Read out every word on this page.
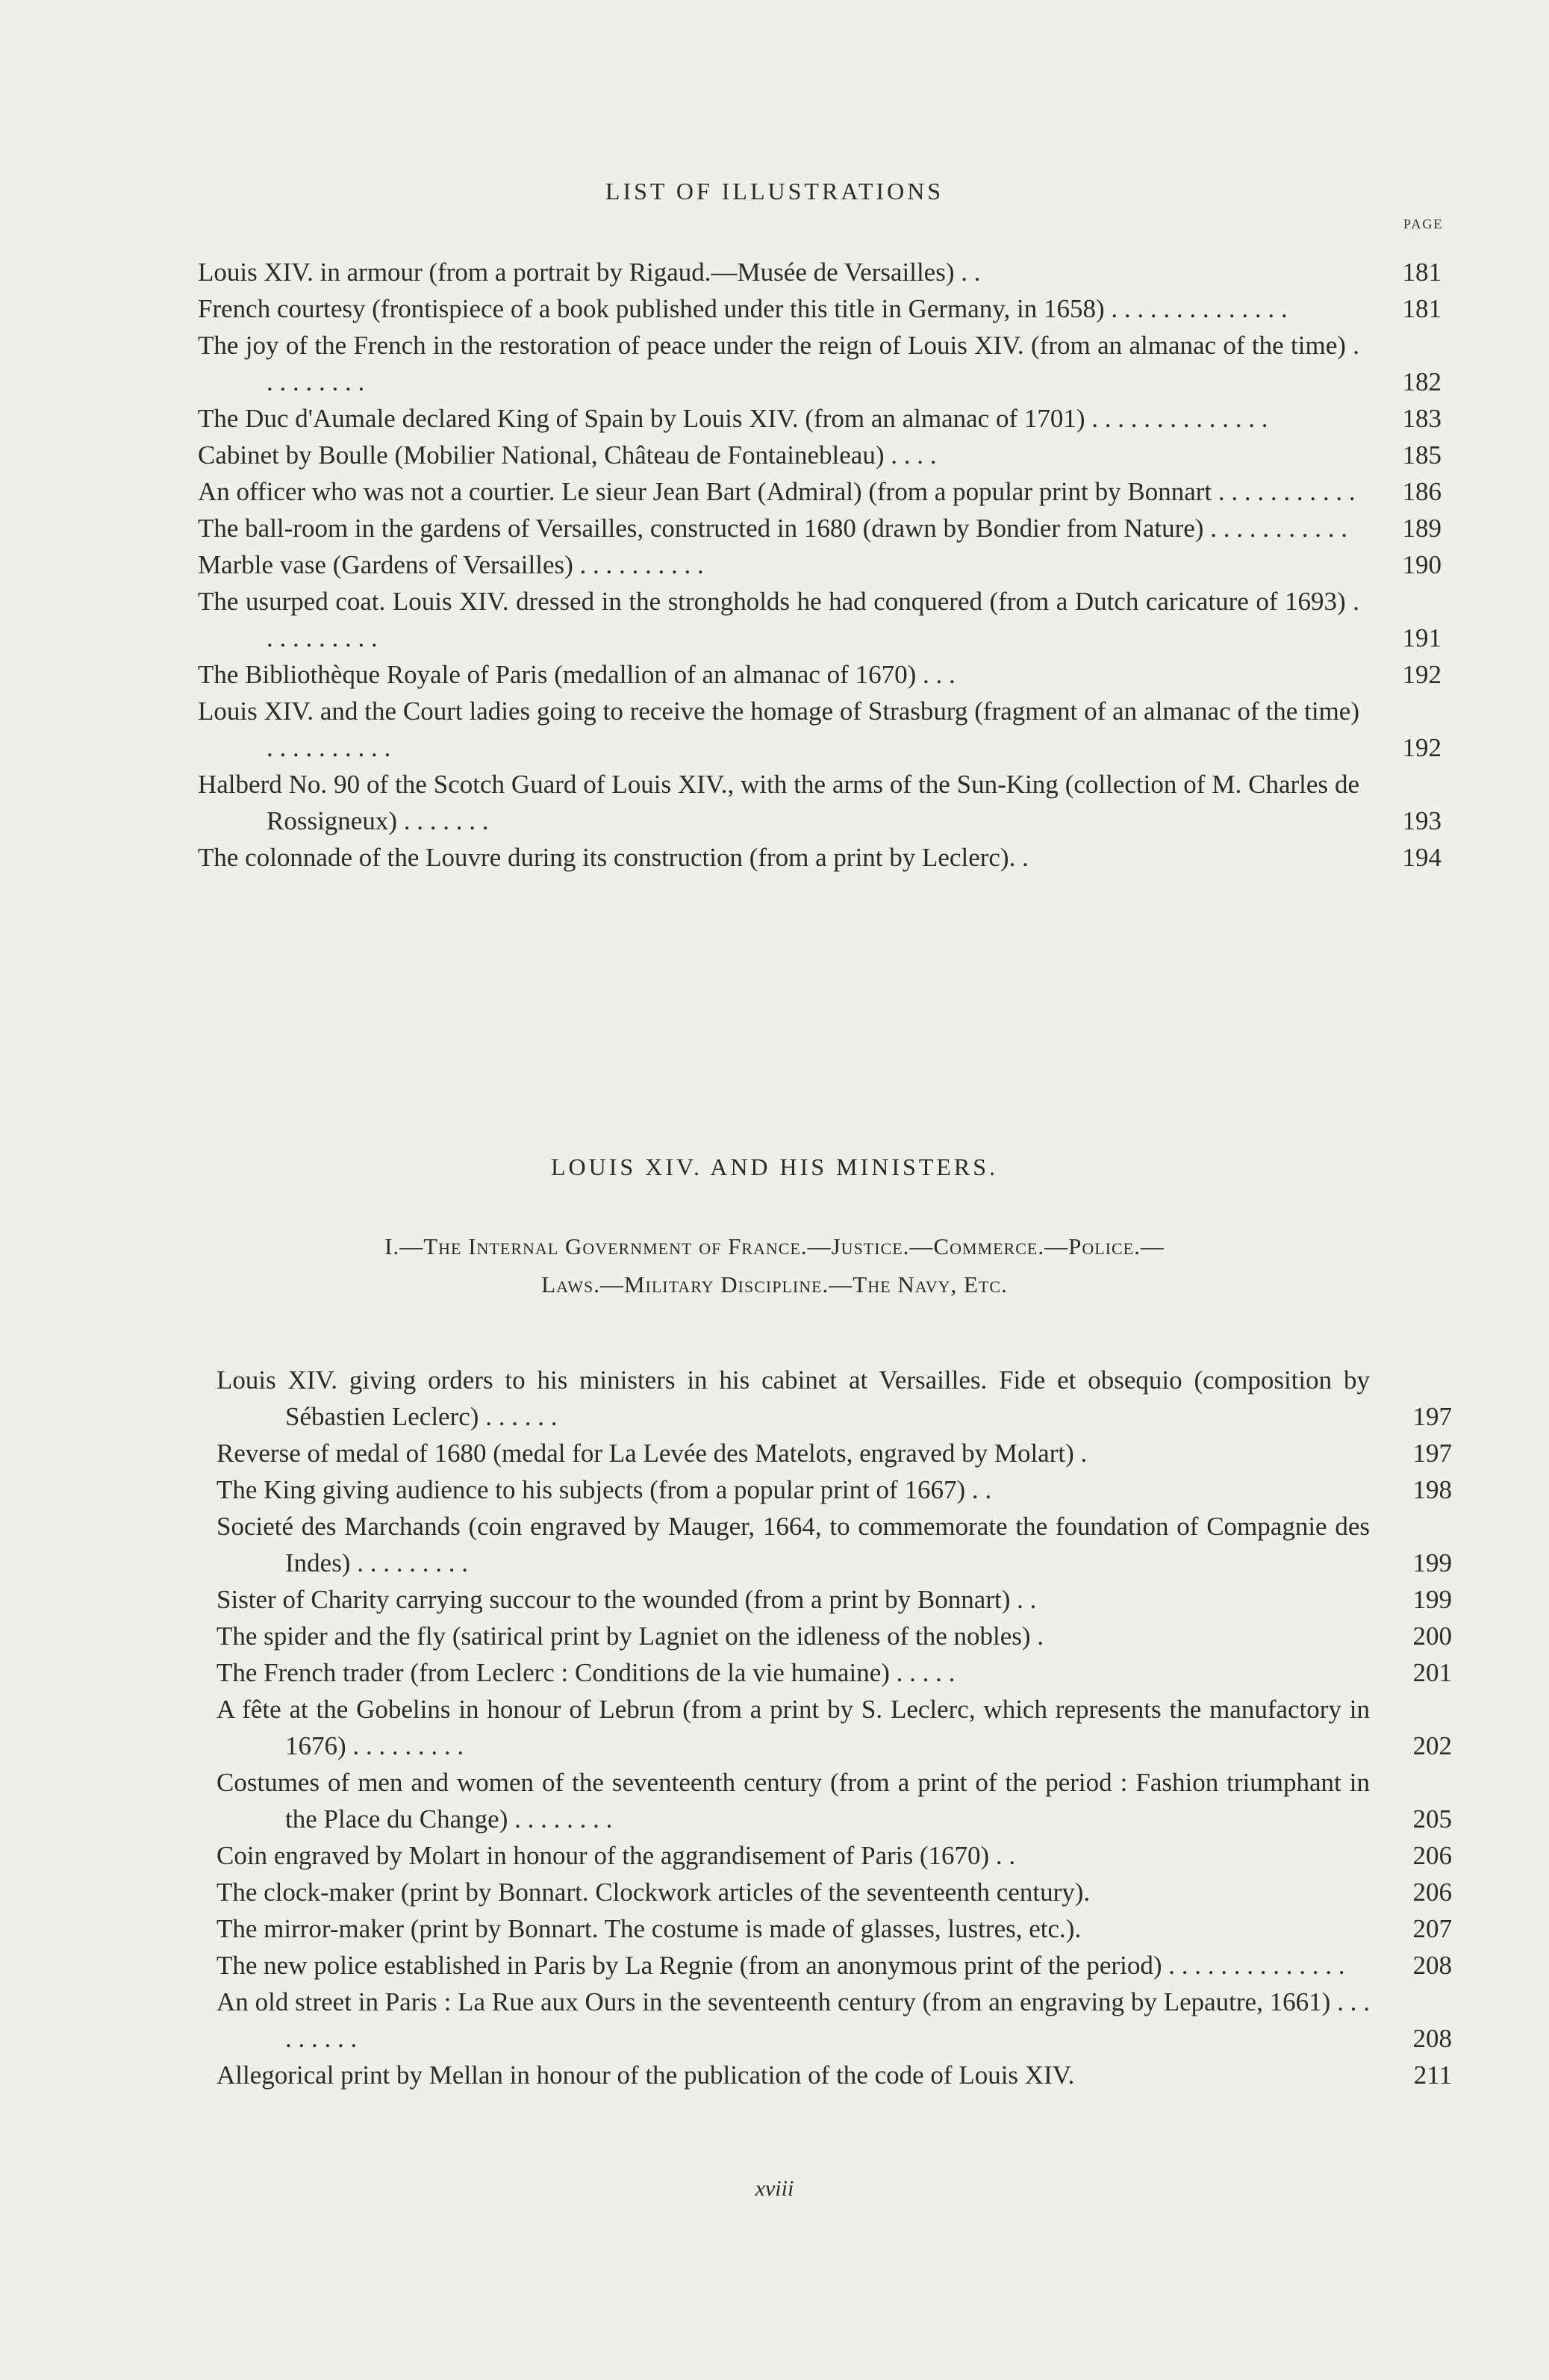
LIST OF ILLUSTRATIONS
PAGE
Louis XIV. in armour (from a portrait by Rigaud.—Musée de Versailles) . .	181
French courtesy (frontispiece of a book published under this title in Germany, in 1658) . . . . . . . . . . . . . .	181
The joy of the French in the restoration of peace under the reign of Louis XIV. (from an almanac of the time) . . . . . . . . .	182
The Duc d'Aumale declared King of Spain by Louis XIV. (from an almanac of 1701) . . . . . . . . . . . . . .	183
Cabinet by Boulle (Mobilier National, Château de Fontainebleau) . . . .	185
An officer who was not a courtier. Le sieur Jean Bart (Admiral) (from a popular print by Bonnart . . . . . . . . . . .	186
The ball-room in the gardens of Versailles, constructed in 1680 (drawn by Bondier from Nature) . . . . . . . . . . .	189
Marble vase (Gardens of Versailles) . . . . . . . . . .	190
The usurped coat. Louis XIV. dressed in the strongholds he had conquered (from a Dutch caricature of 1693) . . . . . . . . . .	191
The Bibliothèque Royale of Paris (medallion of an almanac of 1670) . . .	192
Louis XIV. and the Court ladies going to receive the homage of Strasburg (fragment of an almanac of the time) . . . . . . . . . .	192
Halberd No. 90 of the Scotch Guard of Louis XIV., with the arms of the Sun-King (collection of M. Charles de Rossigneux) . . . . . . .	193
The colonnade of the Louvre during its construction (from a print by Leclerc). .	194
LOUIS XIV. AND HIS MINISTERS.
I.—The Internal Government of France.—Justice.—Commerce.—Police.—
Laws.—Military Discipline.—The Navy, Etc.
Louis XIV. giving orders to his ministers in his cabinet at Versailles. Fide et obsequio (composition by Sébastien Leclerc) . . . . . .	197
Reverse of medal of 1680 (medal for La Levée des Matelots, engraved by Molart) .	197
The King giving audience to his subjects (from a popular print of 1667) . .	198
Societé des Marchands (coin engraved by Mauger, 1664, to commemorate the foundation of Compagnie des Indes) . . . . . . . . .	199
Sister of Charity carrying succour to the wounded (from a print by Bonnart) . .	199
The spider and the fly (satirical print by Lagniet on the idleness of the nobles) .	200
The French trader (from Leclerc : Conditions de la vie humaine) . . . . .	201
A fête at the Gobelins in honour of Lebrun (from a print by S. Leclerc, which represents the manufactory in 1676) . . . . . . . . .	202
Costumes of men and women of the seventeenth century (from a print of the period : Fashion triumphant in the Place du Change) . . . . . . . .	205
Coin engraved by Molart in honour of the aggrandisement of Paris (1670) . .	206
The clock-maker (print by Bonnart. Clockwork articles of the seventeenth century).	206
The mirror-maker (print by Bonnart. The costume is made of glasses, lustres, etc.).	207
The new police established in Paris by La Regnie (from an anonymous print of the period) . . . . . . . . . . . . . .	208
An old street in Paris : La Rue aux Ours in the seventeenth century (from an engraving by Lepautre, 1661) . . . . . . . . .	208
Allegorical print by Mellan in honour of the publication of the code of Louis XIV.	211
xviii
